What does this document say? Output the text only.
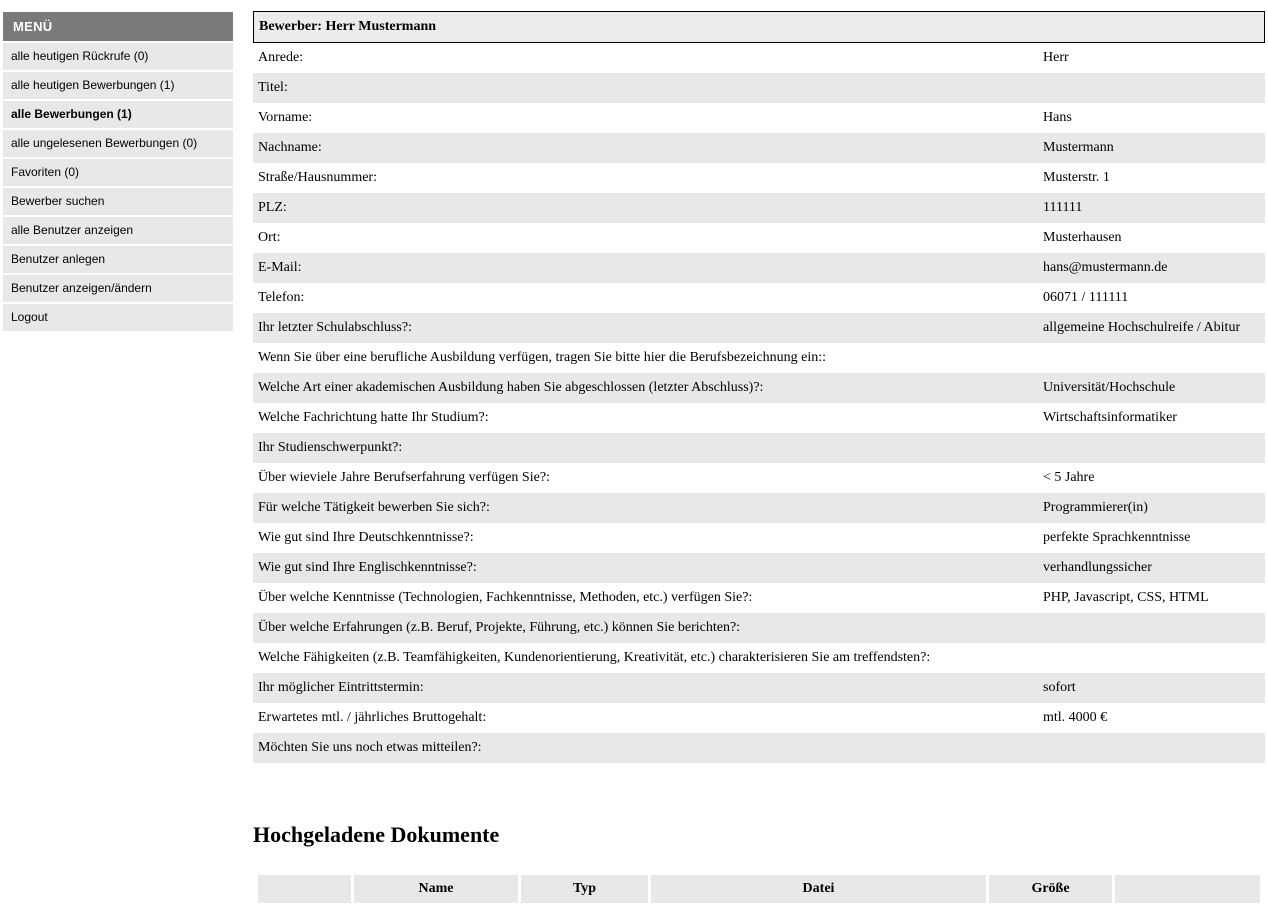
MENÜ
alle heutigen Rückrufe (0)
alle heutigen Bewerbungen (1)
alle Bewerbungen (1)
alle ungelesenen Bewerbungen (0)
Favoriten (0)
Bewerber suchen
alle Benutzer anzeigen
Benutzer anlegen
Benutzer anzeigen/ändern
Logout
Bewerber: Herr Mustermann
Anrede:	Herr
Titel:	
Vorname:	Hans
Nachname:	Mustermann
Straße/Hausnummer:	Musterstr. 1
PLZ:	111111
Ort:	Musterhausen
E-Mail:	hans@mustermann.de
Telefon:	06071 / 111111
Ihr letzter Schulabschluss?:	allgemeine Hochschulreife / Abitur
Wenn Sie über eine berufliche Ausbildung verfügen, tragen Sie bitte hier die Berufsbezeichnung ein::	
Welche Art einer akademischen Ausbildung haben Sie abgeschlossen (letzter Abschluss)?:	Universität/Hochschule
Welche Fachrichtung hatte Ihr Studium?:	Wirtschaftsinformatiker
Ihr Studienschwerpunkt?:	
Über wieviele Jahre Berufserfahrung verfügen Sie?:	< 5 Jahre
Für welche Tätigkeit bewerben Sie sich?:	Programmierer(in)
Wie gut sind Ihre Deutschkenntnisse?:	perfekte Sprachkenntnisse
Wie gut sind Ihre Englischkenntnisse?:	verhandlungssicher
Über welche Kenntnisse (Technologien, Fachkenntnisse, Methoden, etc.) verfügen Sie?:	PHP, Javascript, CSS, HTML
Über welche Erfahrungen (z.B. Beruf, Projekte, Führung, etc.) können Sie berichten?:	
Welche Fähigkeiten (z.B. Teamfähigkeiten, Kundenorientierung, Kreativität, etc.) charakterisieren Sie am treffendsten?:	
Ihr möglicher Eintrittstermin:	sofort
Erwartetes mtl. / jährliches Bruttogehalt:	mtl. 4000 €
Möchten Sie uns noch etwas mitteilen?:	
Hochgeladene Dokumente
	Name	Typ	Datei	Größe	
